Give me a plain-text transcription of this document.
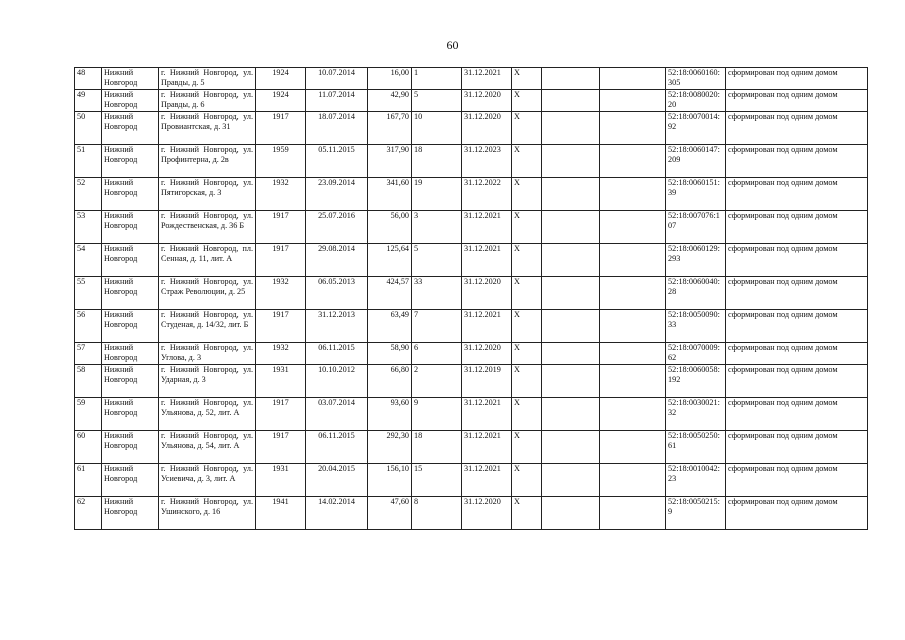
60
48	Нижний Новгород	г. Нижний Новгород, ул. Правды, д. 5	1924	10.07.2014	16,00	1	31.12.2021	X			52:18:0060160:305	сформирован под одним домом
49	Нижний Новгород	г. Нижний Новгород, ул. Правды, д. 6	1924	11.07.2014	42,90	5	31.12.2020	X			52:18:0080020:20	сформирован под одним домом
50	Нижний Новгород	г. Нижний Новгород, ул. Провиантская, д. 31	1917	18.07.2014	167,70	10	31.12.2020	X			52:18:0070014:92	сформирован под одним домом
51	Нижний Новгород	г. Нижний Новгород, ул. Профинтерна, д. 2в	1959	05.11.2015	317,90	18	31.12.2023	X			52:18:0060147:209	сформирован под одним домом
52	Нижний Новгород	г. Нижний Новгород, ул. Пятигорская, д. 3	1932	23.09.2014	341,60	19	31.12.2022	X			52:18:0060151:39	сформирован под одним домом
53	Нижний Новгород	г. Нижний Новгород, ул. Рождественская, д. 36 Б	1917	25.07.2016	56,00	3	31.12.2021	X			52:18:007076:107	сформирован под одним домом
54	Нижний Новгород	г. Нижний Новгород, пл. Сенная, д. 11, лит. А	1917	29.08.2014	125,64	5	31.12.2021	X			52:18:0060129:293	сформирован под одним домом
55	Нижний Новгород	г. Нижний Новгород, ул. Страж Революции, д. 25	1932	06.05.2013	424,57	33	31.12.2020	X			52:18:0060040:28	сформирован под одним домом
56	Нижний Новгород	г. Нижний Новгород, ул. Студеная, д. 14/32, лит. Б	1917	31.12.2013	63,49	7	31.12.2021	X			52:18:0050090:33	сформирован под одним домом
57	Нижний Новгород	г. Нижний Новгород, ул. Углова, д. 3	1932	06.11.2015	58,90	6	31.12.2020	X			52:18:0070009:62	сформирован под одним домом
58	Нижний Новгород	г. Нижний Новгород, ул. Ударная, д. 3	1931	10.10.2012	66,80	2	31.12.2019	X			52:18:0060058:192	сформирован под одним домом
59	Нижний Новгород	г. Нижний Новгород, ул. Ульянова, д. 52, лит. А	1917	03.07.2014	93,60	9	31.12.2021	X			52:18:0030021:32	сформирован под одним домом
60	Нижний Новгород	г. Нижний Новгород, ул. Ульянова, д. 54, лит. А	1917	06.11.2015	292,30	18	31.12.2021	X			52:18:0050250:61	сформирован под одним домом
61	Нижний Новгород	г. Нижний Новгород, ул. Усиевича, д. 3, лит. А	1931	20.04.2015	156,10	15	31.12.2021	X			52:18:0010042:23	сформирован под одним домом
62	Нижний Новгород	г. Нижний Новгород, ул. Ушинского, д. 16	1941	14.02.2014	47,60	8	31.12.2020	X			52:18:0050215:9	сформирован под одним домом
